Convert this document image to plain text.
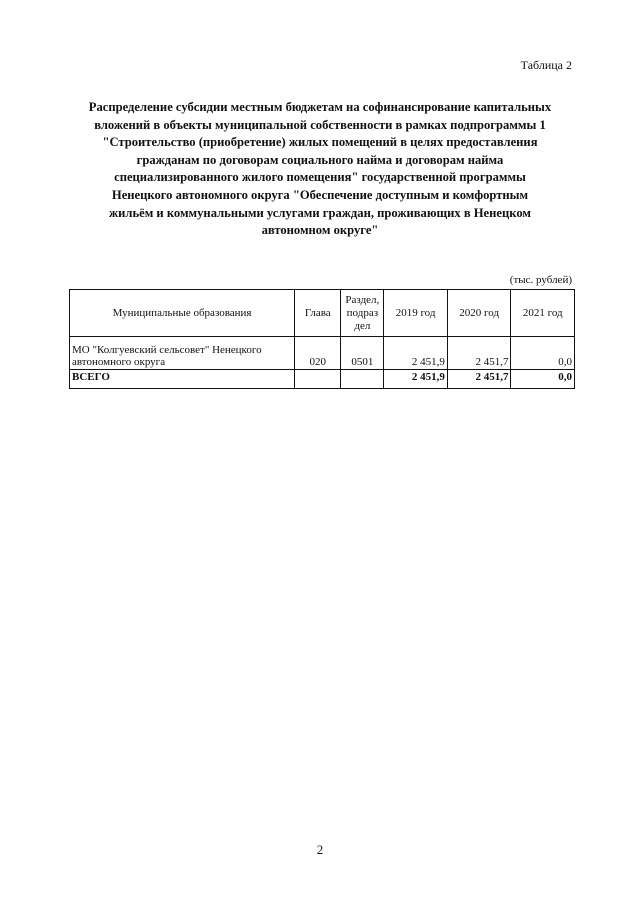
Таблица 2
Распределение субсидии местным бюджетам на софинансирование капитальных
вложений в объекты муниципальной собственности в рамках подпрограммы 1
"Строительство (приобретение) жилых помещений в целях предоставления
гражданам по договорам социального найма и договорам найма
специализированного жилого помещения" государственной программы
Ненецкого автономного округа "Обеспечение доступным и комфортным
жильём и коммунальными услугами граждан, проживающих в Ненецком
автономном округе"
(тыс. рублей)
Муниципальные образования	Глава	Раздел,
подраз
дел	2019 год	2020 год	2021 год

МО "Колгуевский сельсовет" Ненецкого
автономного округа	020	0501	2 451,9	2 451,7	0,0
ВСЕГО			2 451,9	2 451,7	0,0
2
